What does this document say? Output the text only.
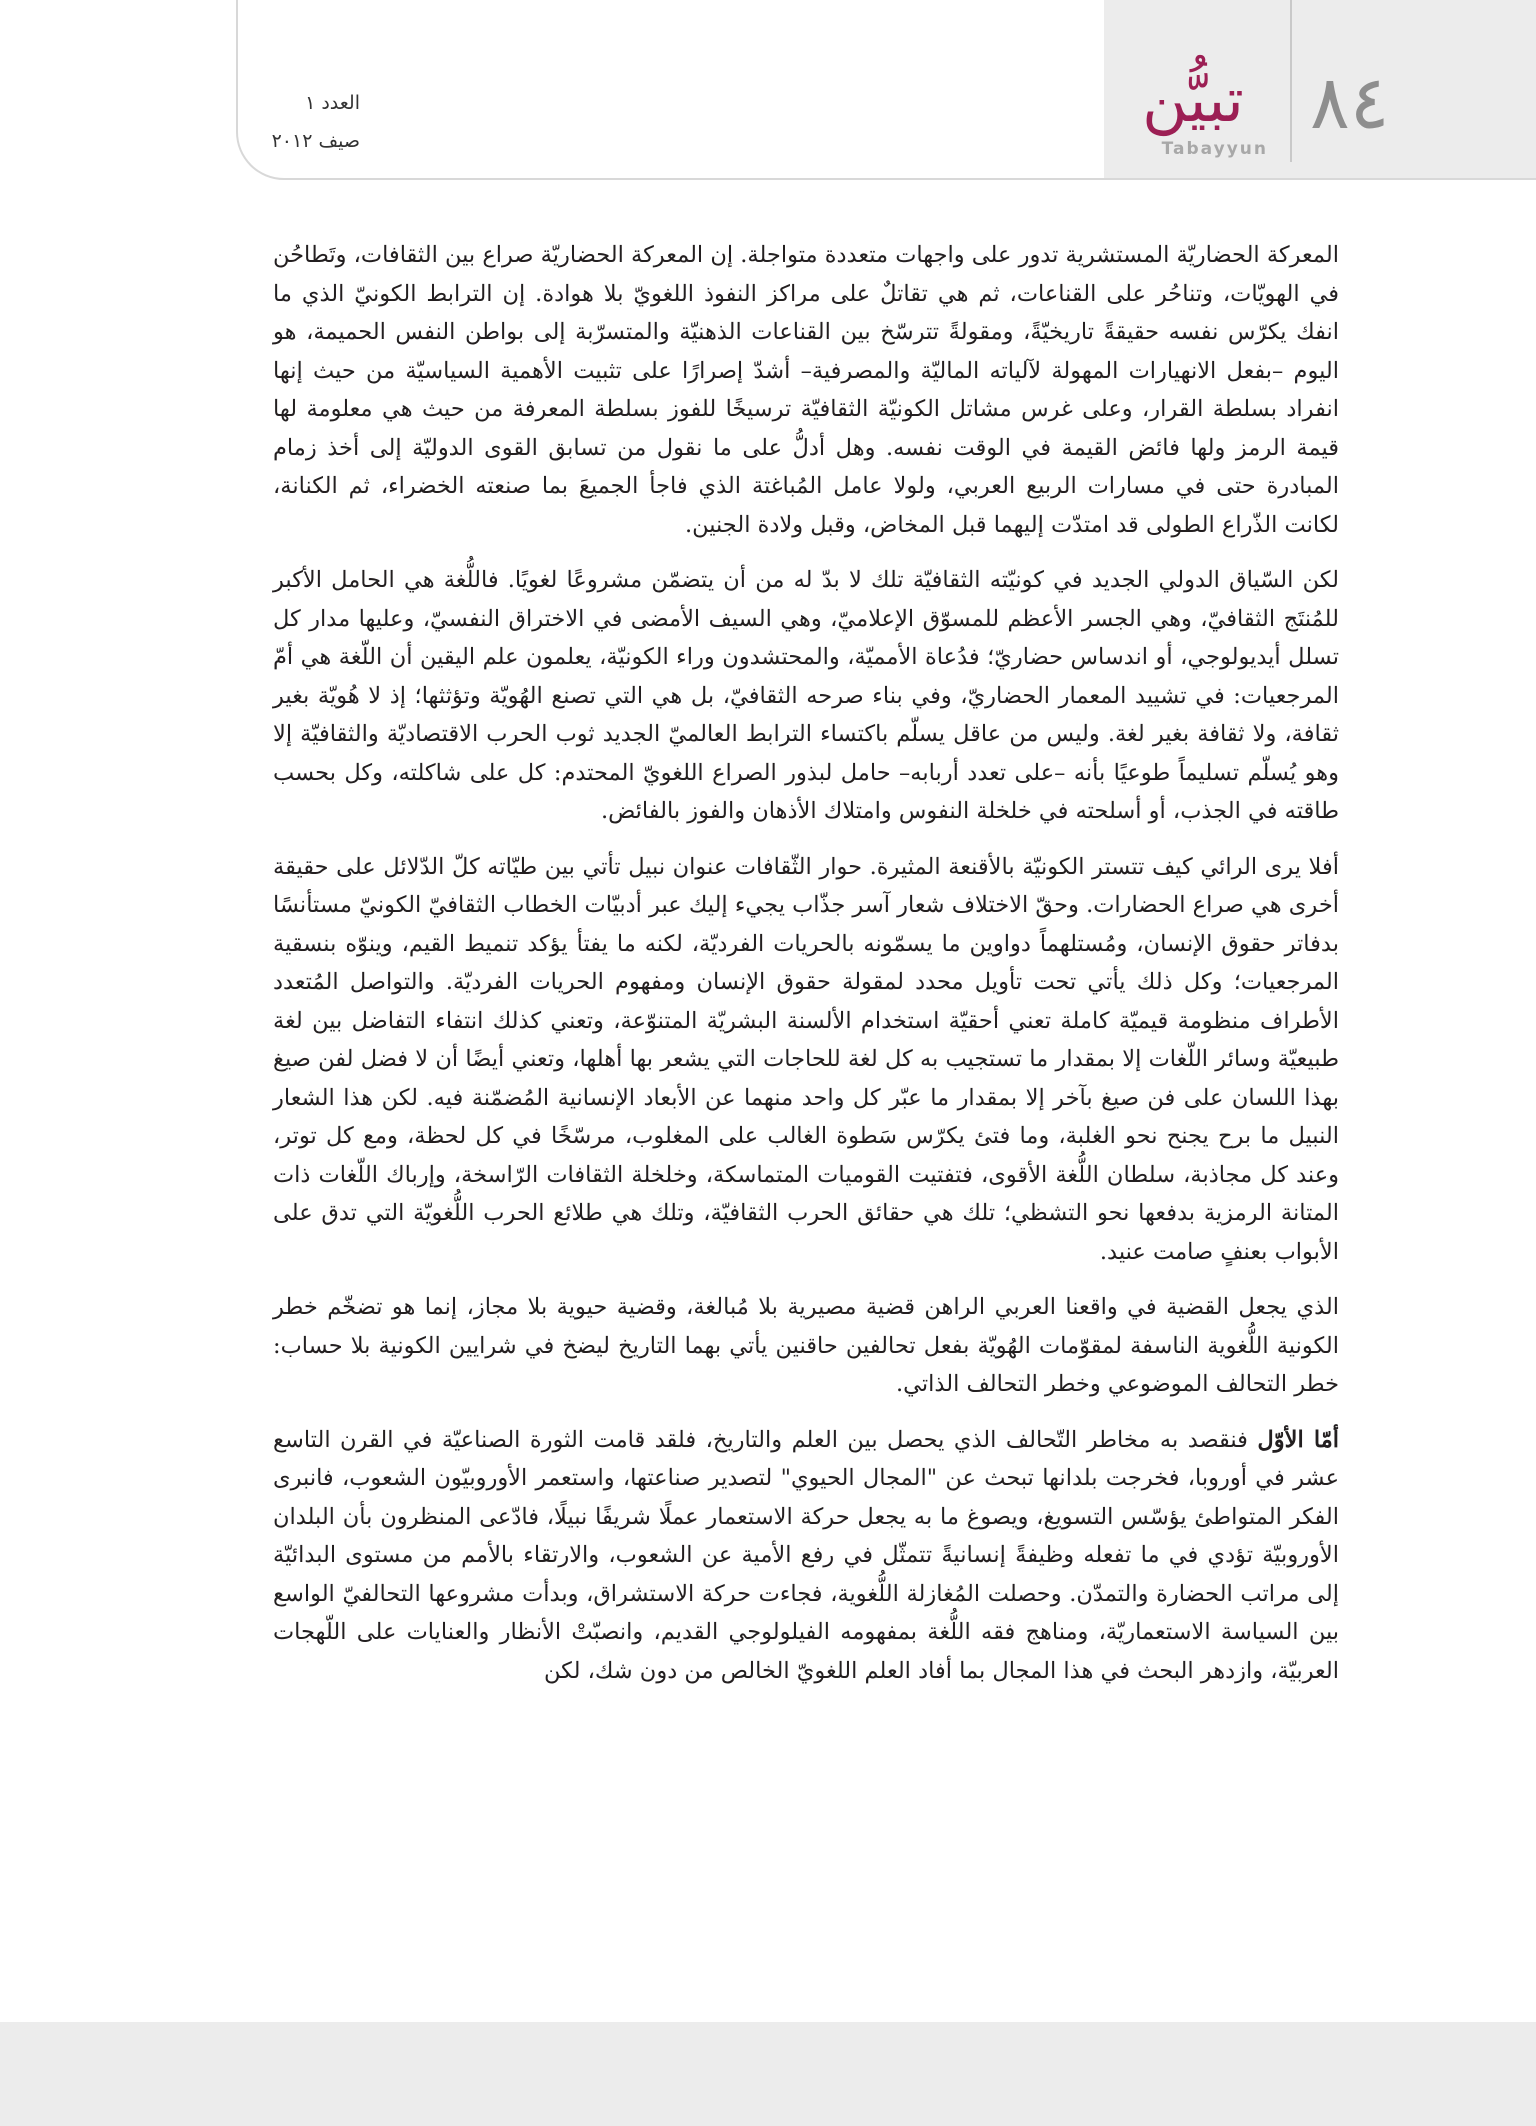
٨٤
تبيُّن
Tabayyun
العدد ١
صيف ٢٠١٢

المعركة الحضاريّة المستشرية تدور على واجهات متعددة متواجلة. إن المعركة الحضاريّة صراع بين الثقافات، وتَطاحُن في الهويّات، وتناحُر على القناعات، ثم هي تقاتلٌ على مراكز النفوذ اللغويّ بلا هوادة. إن الترابط الكونيّ الذي ما انفك يكرّس نفسه حقيقةً تاريخيّةً، ومقولةً تترسّخ بين القناعات الذهنيّة والمتسرّبة إلى بواطن النفس الحميمة، هو اليوم –بفعل الانهيارات المهولة لآلياته الماليّة والمصرفية– أشدّ إصرارًا على تثبيت الأهمية السياسيّة من حيث إنها انفراد بسلطة القرار، وعلى غرس مشاتل الكونيّة الثقافيّة ترسيخًا للفوز بسلطة المعرفة من حيث هي معلومة لها قيمة الرمز ولها فائض القيمة في الوقت نفسه. وهل أدلُّ على ما نقول من تسابق القوى الدوليّة إلى أخذ زمام المبادرة حتى في مسارات الربيع العربي، ولولا عامل المُباغتة الذي فاجأ الجميعَ بما صنعته الخضراء، ثم الكنانة، لكانت الذّراع الطولى قد امتدّت إليهما قبل المخاض، وقبل ولادة الجنين.

لكن السّياق الدولي الجديد في كونيّته الثقافيّة تلك لا بدّ له من أن يتضمّن مشروعًا لغويًا. فاللُّغة هي الحامل الأكبر للمُنتَج الثقافيّ، وهي الجسر الأعظم للمسوّق الإعلاميّ، وهي السيف الأمضى في الاختراق النفسيّ، وعليها مدار كل تسلل أيديولوجي، أو اندساس حضاريّ؛ فدُعاة الأمميّة، والمحتشدون وراء الكونيّة، يعلمون علم اليقين أن اللّغة هي أمّ المرجعيات: في تشييد المعمار الحضاريّ، وفي بناء صرحه الثقافيّ، بل هي التي تصنع الهُويّة وتؤثثها؛ إذ لا هُويّة بغير ثقافة، ولا ثقافة بغير لغة. وليس من عاقل يسلّم باكتساء الترابط العالميّ الجديد ثوب الحرب الاقتصاديّة والثقافيّة إلا وهو يُسلّم تسليماً طوعيًا بأنه –على تعدد أربابه– حامل لبذور الصراع اللغويّ المحتدم: كل على شاكلته، وكل بحسب طاقته في الجذب، أو أسلحته في خلخلة النفوس وامتلاك الأذهان والفوز بالفائض.

أفلا يرى الرائي كيف تتستر الكونيّة بالأقنعة المثيرة. حوار الثّقافات عنوان نبيل تأتي بين طيّاته كلّ الدّلائل على حقيقة أخرى هي صراع الحضارات. وحقّ الاختلاف شعار آسر جذّاب يجيء إليك عبر أدبيّات الخطاب الثقافيّ الكونيّ مستأنسًا بدفاتر حقوق الإنسان، ومُستلهماً دواوين ما يسمّونه بالحريات الفرديّة، لكنه ما يفتأ يؤكد تنميط القيم، وينوّه بنسقية المرجعيات؛ وكل ذلك يأتي تحت تأويل محدد لمقولة حقوق الإنسان ومفهوم الحريات الفرديّة. والتواصل المُتعدد الأطراف منظومة قيميّة كاملة تعني أحقيّة استخدام الألسنة البشريّة المتنوّعة، وتعني كذلك انتفاء التفاضل بين لغة طبيعيّة وسائر اللّغات إلا بمقدار ما تستجيب به كل لغة للحاجات التي يشعر بها أهلها، وتعني أيضًا أن لا فضل لفن صيغ بهذا اللسان على فن صيغ بآخر إلا بمقدار ما عبّر كل واحد منهما عن الأبعاد الإنسانية المُضمّنة فيه. لكن هذا الشعار النبيل ما برح يجنح نحو الغلبة، وما فتئ يكرّس سَطوة الغالب على المغلوب، مرسّخًا في كل لحظة، ومع كل توتر، وعند كل مجاذبة، سلطان اللُّغة الأقوى، فتفتيت القوميات المتماسكة، وخلخلة الثقافات الرّاسخة، وإرباك اللّغات ذات المتانة الرمزية بدفعها نحو التشظي؛ تلك هي حقائق الحرب الثقافيّة، وتلك هي طلائع الحرب اللُّغويّة التي تدق على الأبواب بعنفٍ صامت عنيد.

الذي يجعل القضية في واقعنا العربي الراهن قضية مصيرية بلا مُبالغة، وقضية حيوية بلا مجاز، إنما هو تضخّم خطر الكونية اللُّغوية الناسفة لمقوّمات الهُويّة بفعل تحالفين حاقنين يأتي بهما التاريخ ليضخ في شرايين الكونية بلا حساب: خطر التحالف الموضوعي وخطر التحالف الذاتي.

أمّا الأوّل فنقصد به مخاطر التّحالف الذي يحصل بين العلم والتاريخ، فلقد قامت الثورة الصناعيّة في القرن التاسع عشر في أوروبا، فخرجت بلدانها تبحث عن "المجال الحيوي" لتصدير صناعتها، واستعمر الأوروبيّون الشعوب، فانبرى الفكر المتواطئ يؤسّس التسويغ، ويصوغ ما به يجعل حركة الاستعمار عملًا شريفًا نبيلًا، فادّعى المنظرون بأن البلدان الأوروبيّة تؤدي في ما تفعله وظيفةً إنسانيةً تتمثّل في رفع الأمية عن الشعوب، والارتقاء بالأمم من مستوى البدائيّة إلى مراتب الحضارة والتمدّن. وحصلت المُغازلة اللُّغوية، فجاءت حركة الاستشراق، وبدأت مشروعها التحالفيّ الواسع بين السياسة الاستعماريّة، ومناهج فقه اللُّغة بمفهومه الفيلولوجي القديم، وانصبّتْ الأنظار والعنايات على اللّهجات العربيّة، وازدهر البحث في هذا المجال بما أفاد العلم اللغويّ الخالص من دون شك، لكن
